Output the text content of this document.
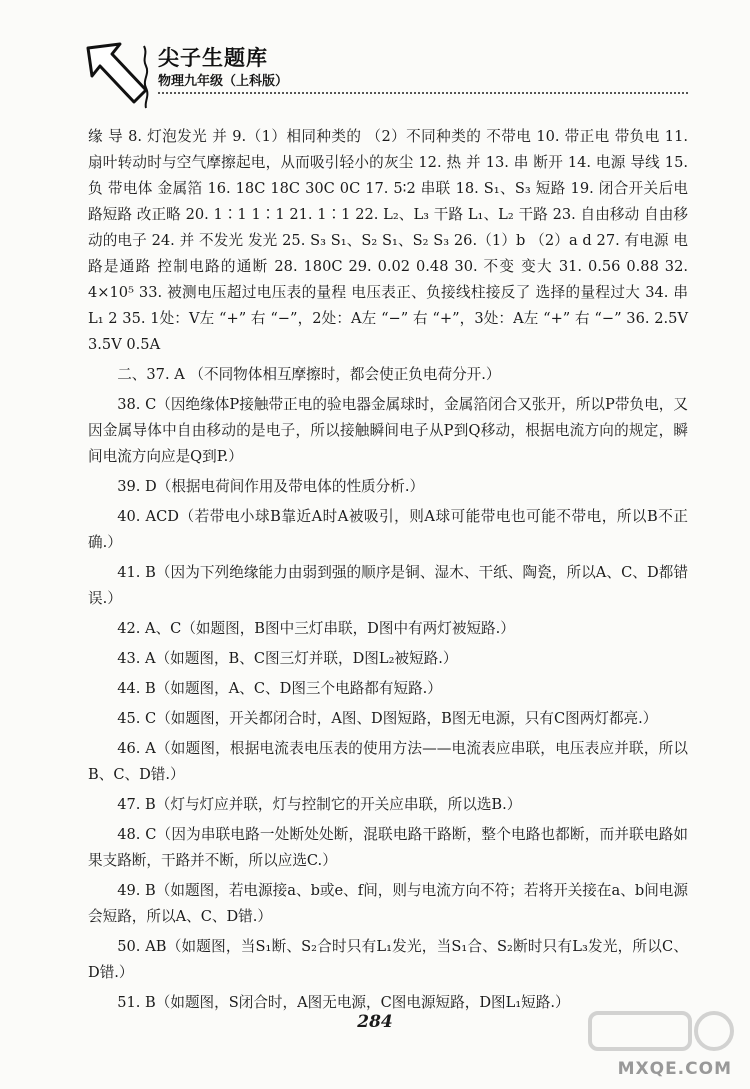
尖子生题库
物理九年级（上科版）

缘 导 8. 灯泡发光 并 9.（1）相同种类的 （2）不同种类的 不带电 10. 带正电 带负电 11. 扇叶转动时与空气摩擦起电，从而吸引轻小的灰尘 12. 热 并 13. 串 断开 14. 电源 导线 15. 负 带电体 金属箔 16. 18C 18C 30C 0C 17. 5∶2 串联 18. S₁、S₃ 短路 19. 闭合开关后电路短路 改正略 20. 1∶1 1∶1 21. 1∶1 22. L₂、L₃ 干路 L₁、L₂ 干路 23. 自由移动 自由移动的电子 24. 并 不发光 发光 25. S₃ S₁、S₂ S₁、S₂ S₃ 26.（1）b （2）a d 27. 有电源 电路是通路 控制电路的通断 28. 180C 29. 0.02 0.48 30. 不变 变大 31. 0.56 0.88 32. 4×10⁵ 33. 被测电压超过电压表的量程 电压表正、负接线柱接反了 选择的量程过大 34. 串 L₁ 2 35. 1处：V左 “+” 右 “−”，2处：A左 “−” 右 “+”，3处：A左 “+” 右 “−” 36. 2.5V 3.5V 0.5A

二、37. A （不同物体相互摩擦时，都会使正负电荷分开.）

38. C（因绝缘体P接触带正电的验电器金属球时，金属箔闭合又张开，所以P带负电，又因金属导体中自由移动的是电子，所以接触瞬间电子从P到Q移动，根据电流方向的规定，瞬间电流方向应是Q到P.）

39. D（根据电荷间作用及带电体的性质分析.）

40. ACD（若带电小球B靠近A时A被吸引，则A球可能带电也可能不带电，所以B不正确.）

41. B（因为下列绝缘能力由弱到强的顺序是铜、湿木、干纸、陶瓷，所以A、C、D都错误.）

42. A、C（如题图，B图中三灯串联，D图中有两灯被短路.）

43. A（如题图，B、C图三灯并联，D图L₂被短路.）

44. B（如题图，A、C、D图三个电路都有短路.）

45. C（如题图，开关都闭合时，A图、D图短路，B图无电源，只有C图两灯都亮.）

46. A（如题图，根据电流表电压表的使用方法——电流表应串联，电压表应并联，所以B、C、D错.）

47. B（灯与灯应并联，灯与控制它的开关应串联，所以选B.）

48. C（因为串联电路一处断处处断，混联电路干路断，整个电路也都断，而并联电路如果支路断，干路并不断，所以应选C.）

49. B（如题图，若电源接a、b或e、f间，则与电流方向不符；若将开关接在a、b间电源会短路，所以A、C、D错.）

50. AB（如题图，当S₁断、S₂合时只有L₁发光，当S₁合、S₂断时只有L₃发光，所以C、D错.）

51. B（如题图，S闭合时，A图无电源，C图电源短路，D图L₁短路.）

284
MXQE.COM
